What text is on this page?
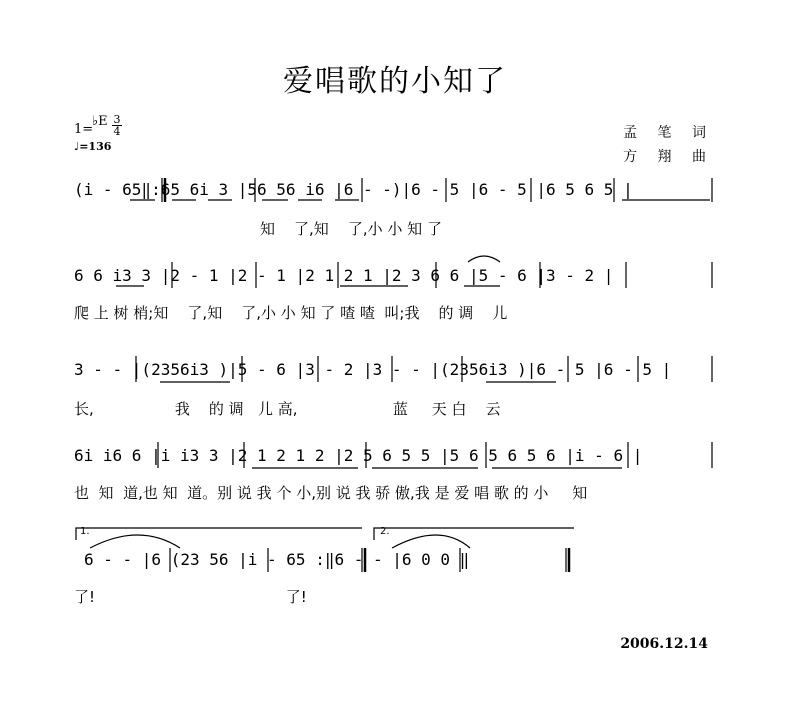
爱唱歌的小知了
1=
♭E 3
4
♩=136
孟 笔 词
方 翔 曲
(i - 65‖:65 6i 3 |56 56 i6 |6 - -)|6 - 5 |6 - 5 |6 5 6 5 |
知    了,知    了,小 小 知 了
6 6 i3 3 |2 - 1 |2 - 1 |2 1 2 1 |2 3 6 6 |5 - 6 |3 - 2 |
爬 上 树 梢;知    了,知    了,小 小 知 了 喳 喳  叫;我    的 调    儿
3 - - |(2356i3 )|5 - 6 |3 - 2 |3 - - |(2356i3 )|6 - 5 |6 - 5 |
长,                 我    的 调   儿 高,                    蓝     天 白    云
6i i6 6 |i i3 3 |2 1 2 1 2 |2 5 6 5 5 |5 6 5 6 5 6 |i - 6 |
也  知  道,也 知  道。别 说 我 个 小,别 说 我 骄 傲,我 是 爱 唱 歌 的 小     知
1.	2.
6 - - |6 (23 56 |i - 65 :‖6 - - |6 0 0 ‖
了!                                        了!
2006.12.14
